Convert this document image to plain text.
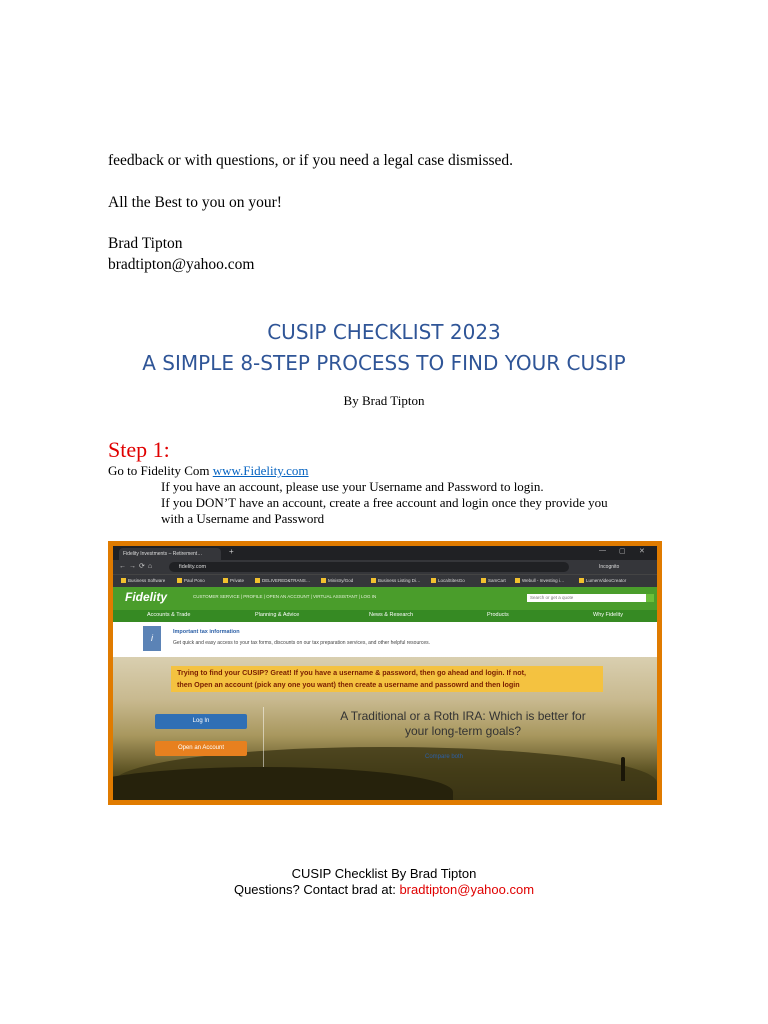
feedback or with questions, or if you need a legal case dismissed.
All the Best to you on your!
Brad Tipton
bradtipton@yahoo.com
CUSIP CHECKLIST 2023
A SIMPLE 8-STEP PROCESS TO FIND YOUR CUSIP
By Brad Tipton
Step 1:
Go to Fidelity Com www.Fidelity.com
If you have an account, please use your Username and Password to login.
If you DON’T have an account, create a free account and login once they provide you
with a Username and Password
Fidelity Investments – Retirement…	+	— ▢ ✕
←→⟳⌂	fidelity.com	Incognito
Business Software	Paul Pono	Private	DELIVERED&TRANS…	Ministry/God	Business Listing Di…	LocalSitesGo	SamCart	Webull - Investing i…	LumenVideoCreator
Fidelity	CUSTOMER SERVICE | PROFILE | OPEN AN ACCOUNT | VIRTUAL ASSISTANT | LOG IN	Search or get a quote
Accounts & Trade	Planning & Advice	News & Research	Products	Why Fidelity
i
Important tax information
Get quick and easy access to your tax forms, discounts on our tax preparation services, and other helpful resources.
Trying to find your CUSIP? Great! If you have a username & password, then go ahead and login. If not,
then Open an account (pick any one you want) then create a username and passowrd and then login
Log In
Open an Account
A Traditional or a Roth IRA: Which is better for
your long-term goals?
Compare both
CUSIP Checklist By Brad Tipton
Questions? Contact brad at: bradtipton@yahoo.com
